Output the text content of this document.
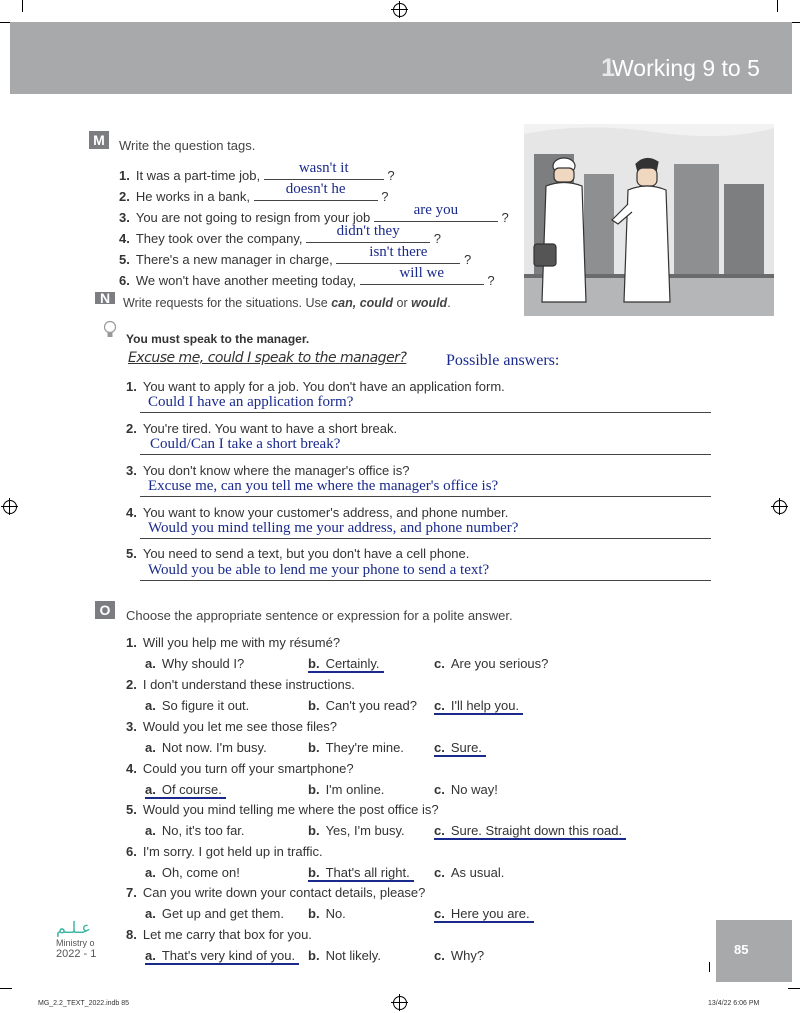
1
Working 9 to 5
M	Write the question tags.
1. It was a part-time job,	wasn't it	?
2. He works in a bank,	doesn't he	?
3. You are not going to resign from your job	are you	?
4. They took over the company,	didn't they	?
5. There's a new manager in charge,	isn't there	?
6. We won't have another meeting today,	will we	?
N	Write requests for the situations. Use can, could or would.
You must speak to the manager.
Excuse me, could I speak to the manager? Possible answers:
1. You want to apply for a job. You don't have an application form.
Could I have an application form?
2. You're tired. You want to have a short break.
Could/Can I take a short break?
3. You don't know where the manager's office is?
Excuse me, can you tell me where the manager's office is?
4. You want to know your customer's address, and phone number.
Would you mind telling me your address, and phone number?
5. You need to send a text, but you don't have a cell phone.
Would you be able to lend me your phone to send a text?
O	Choose the appropriate sentence or expression for a polite answer.
1. Will you help me with my résumé?
a. Why should I?	b. Certainly.	c. Are you serious?
2. I don't understand these instructions.
a. So figure it out.	b. Can't you read? c. I'll help you.
3. Would you let me see those files?
a. Not now. I'm busy.	b. They're mine. c. Sure.
4. Could you turn off your smartphone?
a. Of course.	b. I'm online.	c. No way!
5. Would you mind telling me where the post office is?
a. No, it's too far.	b. Yes, I'm busy. c. Sure. Straight down this road.
6. I'm sorry. I got held up in traffic.
a. Oh, come on!	b. That's all right.	c. As usual.
7. Can you write down your contact details, please?
a. Get up and get them. b. No.	c. Here you are.
8. Let me carry that box for you.
a. That's very kind of you. b. Not likely.	c. Why?	85
عـلـم
Ministry o
2022 - 1
MG_2.2_TEXT_2022.indb 85	13/4/22 6:06 PM
